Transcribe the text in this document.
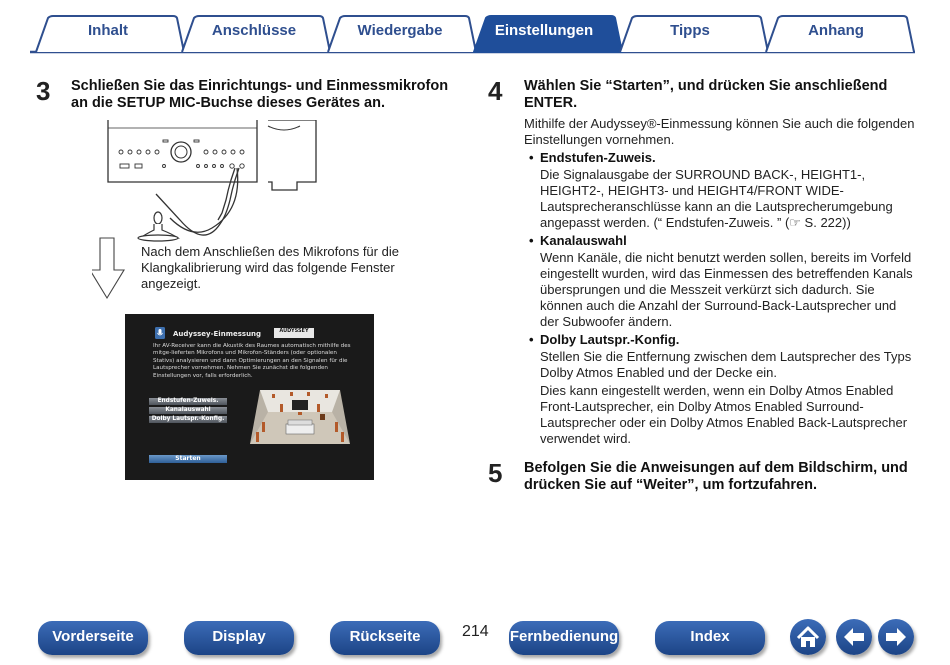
Inhalt	Anschlüsse	Wiedergabe	Einstellungen	Tipps	Anhang
3 Schließen Sie das Einrichtungs- und Einmessmikrofon
an die SETUP MIC-Buchse dieses Gerätes an.
Nach dem Anschließen des Mikrofons für die
Klangkalibrierung wird das folgende Fenster
angezeigt.
Audyssey-Einmessung	AUDYSSEY
Ihr AV-Receiver kann die Akustik des Raumes automatisch mithilfe des mitge-lieferten Mikrofons und Mikrofon-Ständers (oder optionalen Stativs) analysieren und dann Optimierungen an den Signalen für die Lautsprecher vornehmen. Nehmen Sie zunächst die folgenden Einstellungen vor, falls erforderlich.
Endstufen-Zuweis.
Kanalauswahl
Dolby Lautspr.-Konfig.
Starten
4 Wählen Sie “Starten”, und drücken Sie anschließend
ENTER.
Mithilfe der Audyssey®-Einmessung können Sie auch die folgenden
Einstellungen vornehmen.
• Endstufen-Zuweis.
Die Signalausgabe der SURROUND BACK-, HEIGHT1-,
HEIGHT2-, HEIGHT3- und HEIGHT4/FRONT WIDE-
Lautsprecheranschlüsse kann an die Lautsprecherumgebung
angepasst werden. (“ Endstufen-Zuweis. ” (☞ S. 222))
• Kanalauswahl
Wenn Kanäle, die nicht benutzt werden sollen, bereits im Vorfeld
eingestellt wurden, wird das Einmessen des betreffenden Kanals
übersprungen und die Messzeit verkürzt sich dadurch. Sie
können auch die Anzahl der Surround-Back-Lautsprecher und
der Subwoofer ändern.
• Dolby Lautspr.-Konfig.
Stellen Sie die Entfernung zwischen dem Lautsprecher des Typs
Dolby Atmos Enabled und der Decke ein.
Dies kann eingestellt werden, wenn ein Dolby Atmos Enabled
Front-Lautsprecher, ein Dolby Atmos Enabled Surround-
Lautsprecher oder ein Dolby Atmos Enabled Back-Lautsprecher
verwendet wird.
5 Befolgen Sie die Anweisungen auf dem Bildschirm, und
drücken Sie auf “Weiter”, um fortzufahren.
Vorderseite	Display	Rückseite	214 Fernbedienung	Index
